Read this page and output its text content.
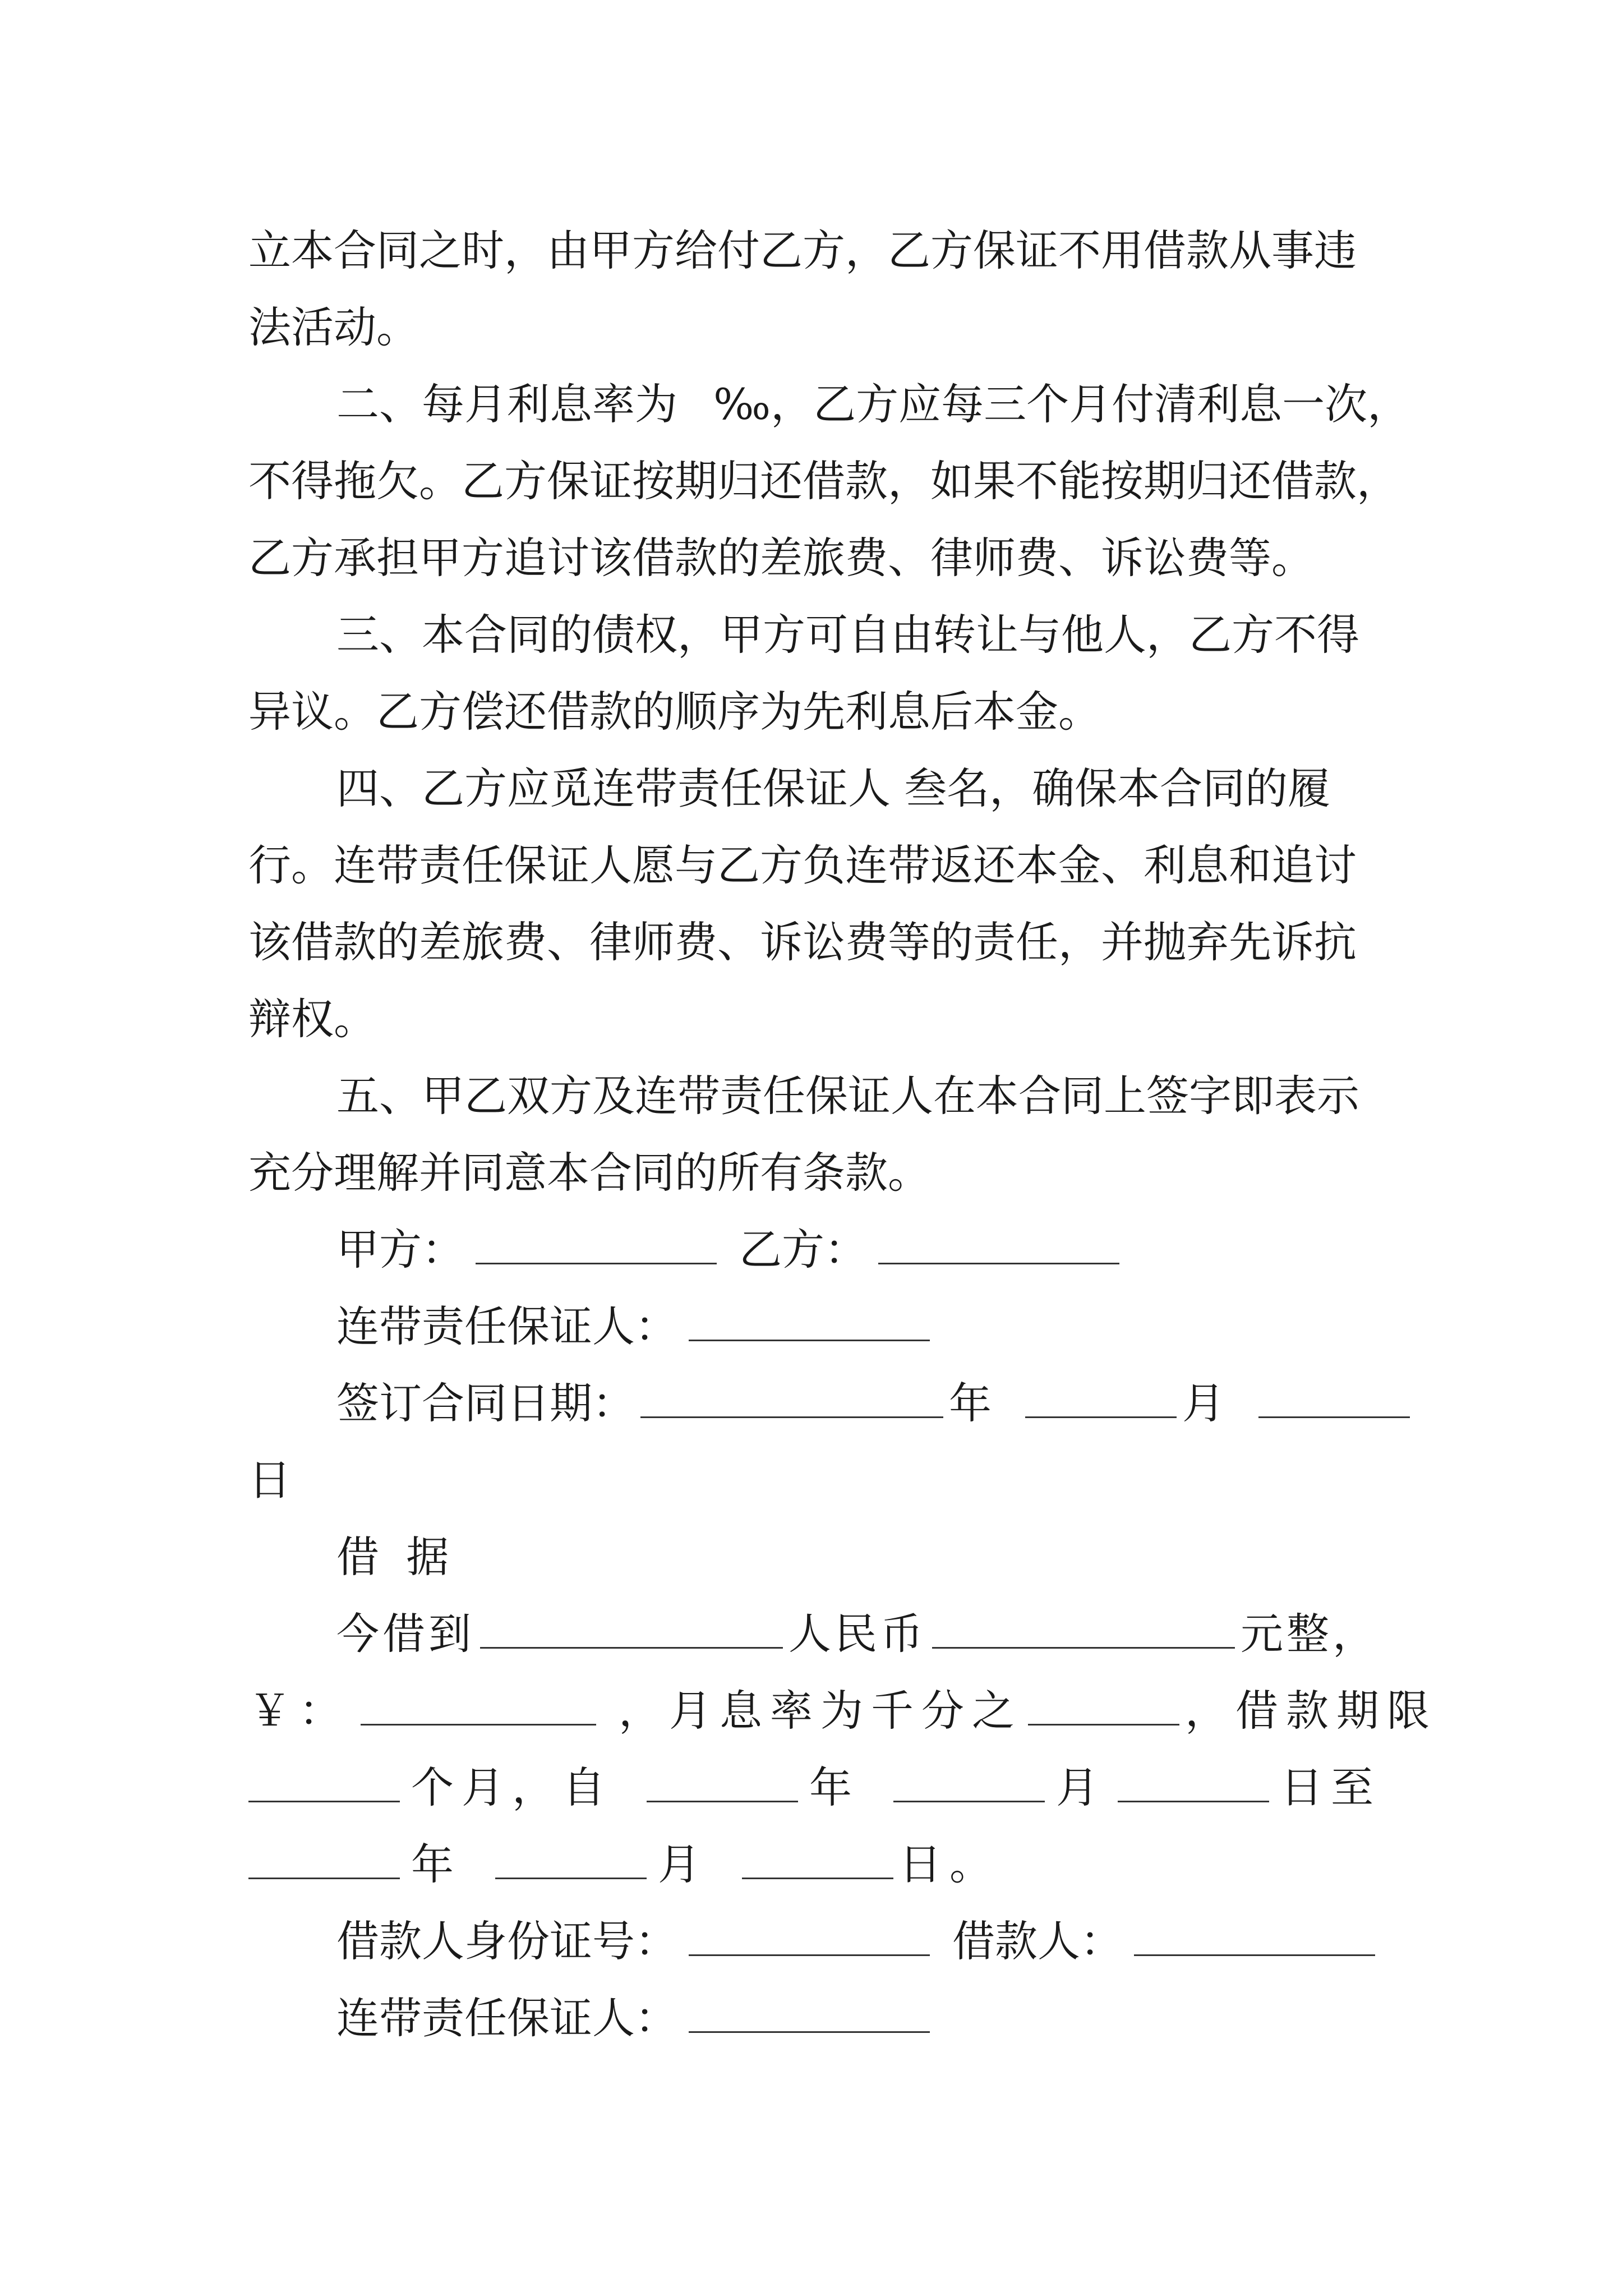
立本合同之时，由甲方给付乙方，乙方保证不用借款从事违
法活动。
二、每月利息率为 ‰，乙方应每三个月付清利息一次，
不得拖欠。乙方保证按期归还借款，如果不能按期归还借款，
乙方承担甲方追讨该借款的差旅费、律师费、诉讼费等。
三、本合同的债权，甲方可自由转让与他人，乙方不得
异议。乙方偿还借款的顺序为先利息后本金。
四、乙方应觅连带责任保证人 叁名，确保本合同的履
行。连带责任保证人愿与乙方负连带返还本金、利息和追讨
该借款的差旅费、律师费、诉讼费等的责任，并抛弃先诉抗
辩权。
五、甲乙双方及连带责任保证人在本合同上签字即表示
充分理解并同意本合同的所有条款。
甲方：	乙方：
连带责任保证人：
签订合同日期：	年	月
日
借  据
今借到	人民币	元整，
￥：	，月息率为千分之	，借款期限
个月，自	年	月	日至
年	月	日。
借款人身份证号：	借款人：
连带责任保证人：
